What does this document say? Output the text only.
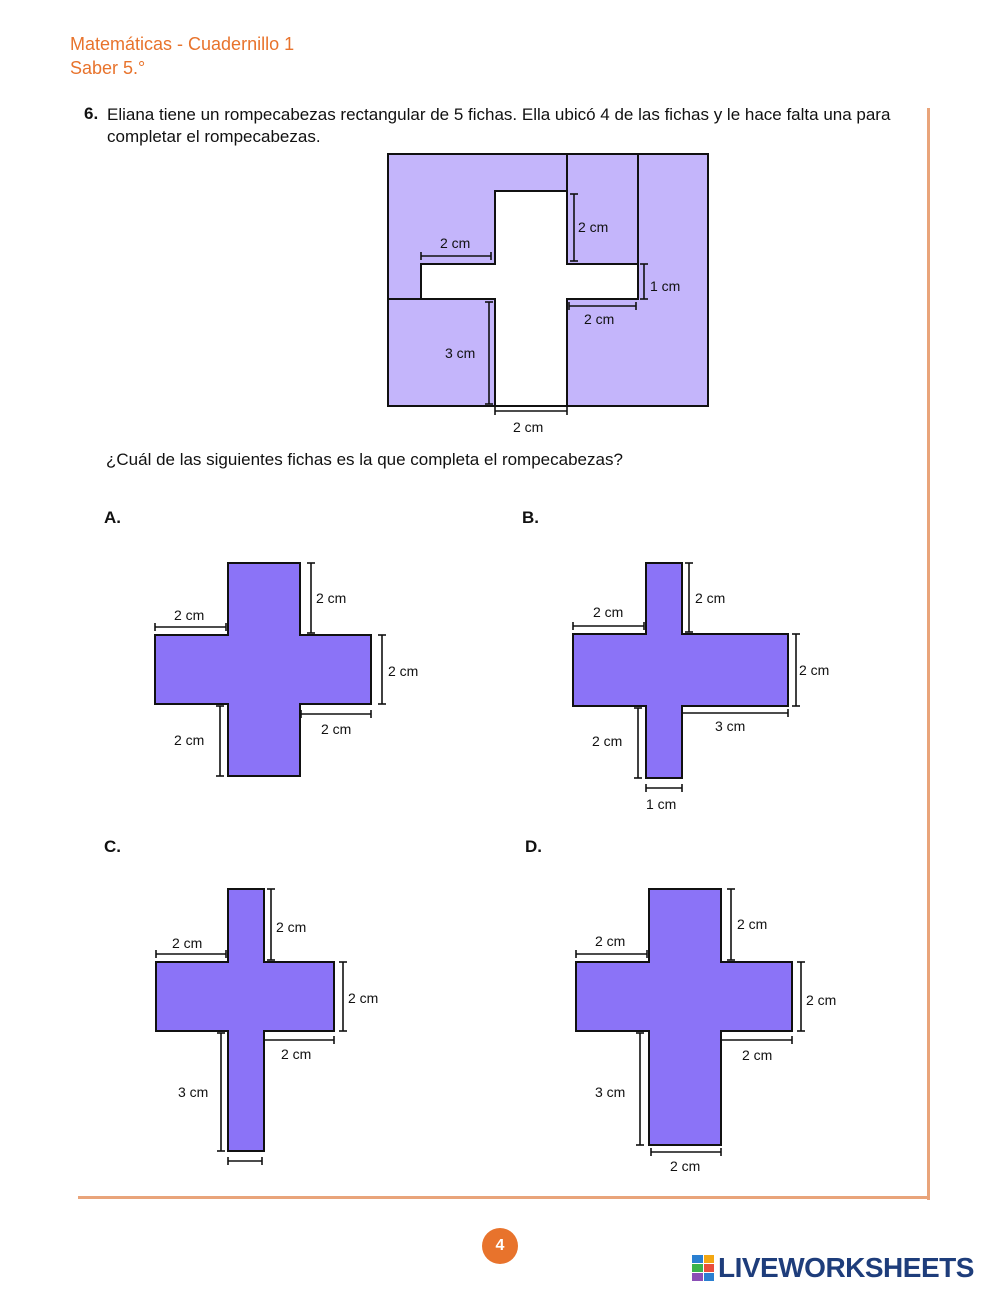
Matemáticas - Cuadernillo 1
Saber 5.°
6. Eliana tiene un rompecabezas rectangular de 5 fichas. Ella ubicó 4 de las fichas y le hace falta una para completar el rompecabezas.
2 cm
2 cm
1 cm
2 cm
3 cm
2 cm
2 cm
2 cm
2 cm
2 cm
2 cm
2 cm
2 cm
2 cm
3 cm
2 cm
1 cm
2 cm
2 cm
2 cm
2 cm
3 cm
2 cm
2 cm
2 cm
2 cm
3 cm
2 cm
¿Cuál de las siguientes fichas es la que completa el rompecabezas?
A.	B.
C.	D.
4
LIVEWORKSHEETS
